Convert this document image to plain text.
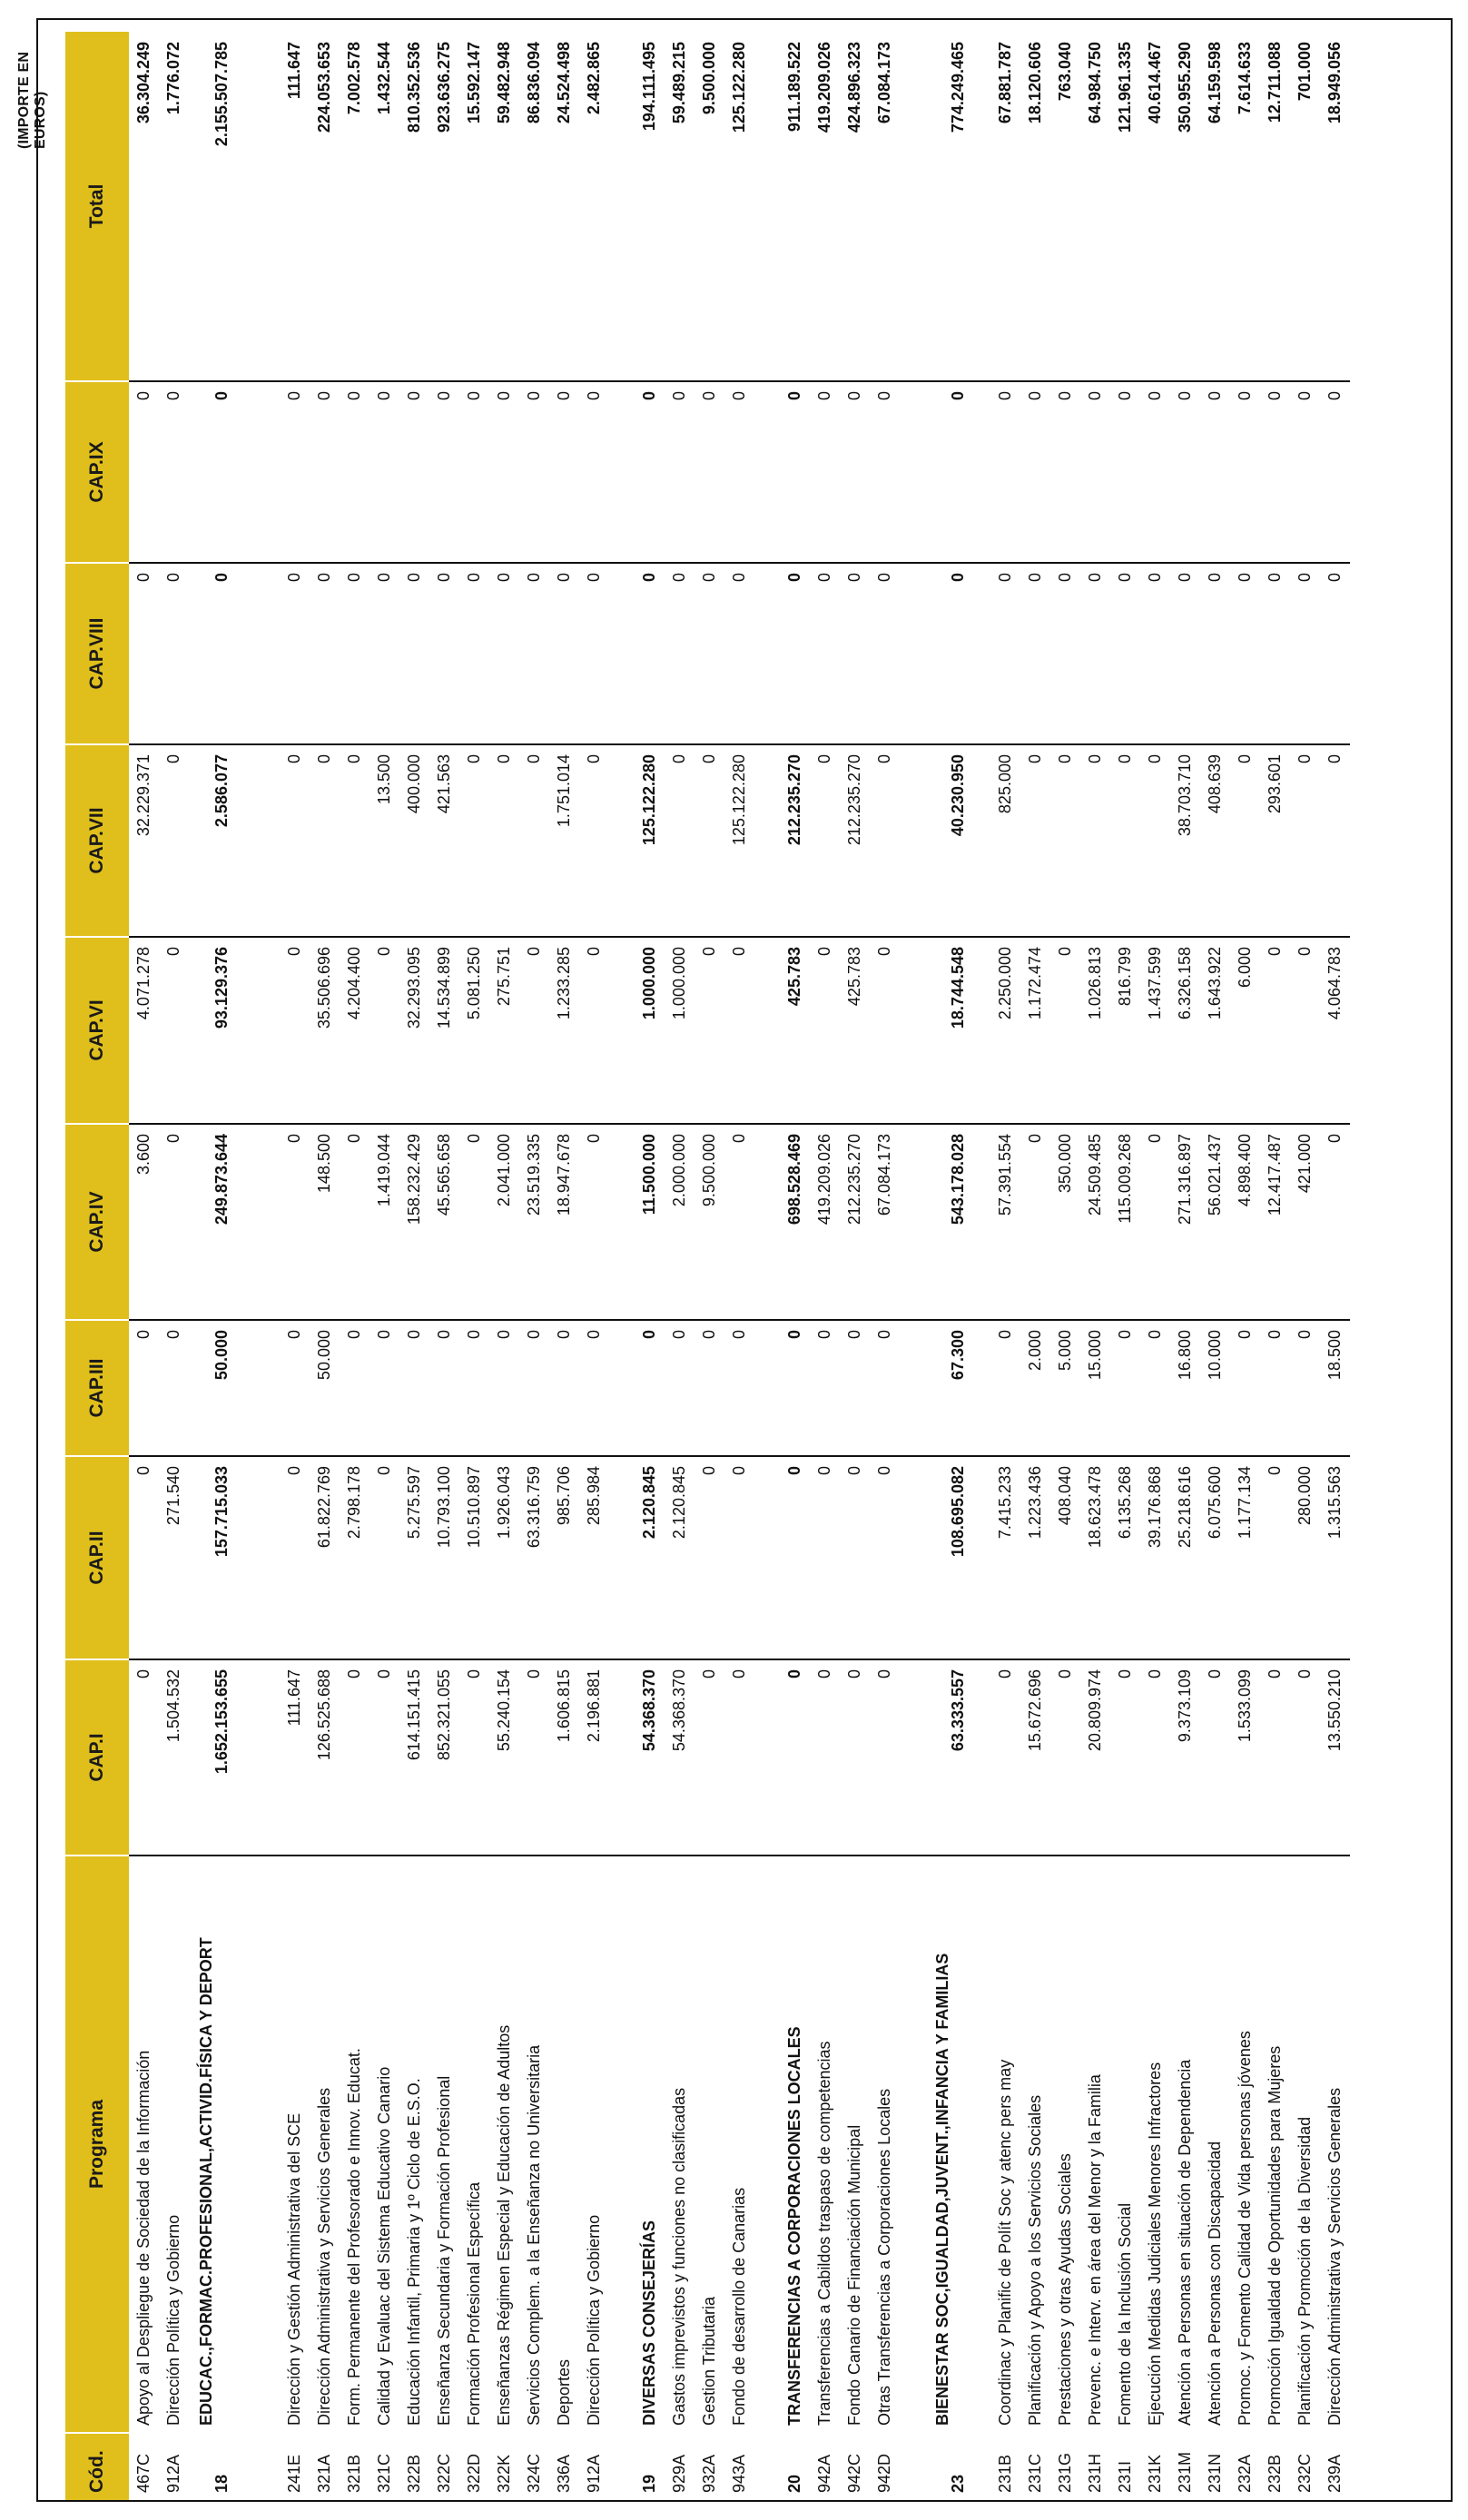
(IMPORTE EN EUROS)
Cód.	Programa	CAP.I	CAP.II	CAP.III	CAP.IV	CAP.VI	CAP.VII	CAP.VIII	CAP.IX	Total
467C	Apoyo al Despliegue de Sociedad de la Información	0	0	0	3.600	4.071.278	32.229.371	0	0	36.304.249
912A	Dirección Política y Gobierno	1.504.532	271.540	0	0	0	0	0	0	1.776.072
18	EDUCAC.,FORMAC.PROFESIONAL,ACTIVID.FÍSICA Y DEPORT	1.652.153.655	157.715.033	50.000	249.873.644	93.129.376	2.586.077	0	0	2.155.507.785

241E	Dirección y Gestión Administrativa del SCE	111.647	0	0	0	0	0	0	0	111.647
321A	Dirección Administrativa y Servicios Generales	126.525.688	61.822.769	50.000	148.500	35.506.696	0	0	0	224.053.653
321B	Form. Permanente del Profesorado e Innov. Educat.	0	2.798.178	0	0	4.204.400	0	0	0	7.002.578
321C	Calidad y Evaluac del Sistema Educativo Canario	0	0	0	1.419.044	0	13.500	0	0	1.432.544
322B	Educación Infantil, Primaria y 1º Ciclo de E.S.O.	614.151.415	5.275.597	0	158.232.429	32.293.095	400.000	0	0	810.352.536
322C	Enseñanza Secundaria y Formación Profesional	852.321.055	10.793.100	0	45.565.658	14.534.899	421.563	0	0	923.636.275
322D	Formación Profesional Específica	0	10.510.897	0	0	5.081.250	0	0	0	15.592.147
322K	Enseñanzas Régimen Especial y Educación de Adultos	55.240.154	1.926.043	0	2.041.000	275.751	0	0	0	59.482.948
324C	Servicios Complem. a la Enseñanza no Universitaria	0	63.316.759	0	23.519.335	0	0	0	0	86.836.094
336A	Deportes	1.606.815	985.706	0	18.947.678	1.233.285	1.751.014	0	0	24.524.498
912A	Dirección Política y Gobierno	2.196.881	285.984	0	0	0	0	0	0	2.482.865

19	DIVERSAS CONSEJERÍAS	54.368.370	2.120.845	0	11.500.000	1.000.000	125.122.280	0	0	194.111.495
929A	Gastos imprevistos y funciones no clasificadas	54.368.370	2.120.845	0	2.000.000	1.000.000	0	0	0	59.489.215
932A	Gestion Tributaria	0	0	0	9.500.000	0	0	0	0	9.500.000
943A	Fondo de desarrollo de Canarias	0	0	0	0	0	125.122.280	0	0	125.122.280

20	TRANSFERENCIAS A CORPORACIONES LOCALES	0	0	0	698.528.469	425.783	212.235.270	0	0	911.189.522
942A	Transferencias a Cabildos traspaso de competencias	0	0	0	419.209.026	0	0	0	0	419.209.026
942C	Fondo Canario de Financiación Municipal	0	0	0	212.235.270	425.783	212.235.270	0	0	424.896.323
942D	Otras Transferencias a Corporaciones Locales	0	0	0	67.084.173	0	0	0	0	67.084.173

23	BIENESTAR SOC,IGUALDAD,JUVENT.,INFANCIA Y FAMILIAS	63.333.557	108.695.082	67.300	543.178.028	18.744.548	40.230.950	0	0	774.249.465
231B	Coordinac y Planific de Polít Soc y atenc pers may	0	7.415.233	0	57.391.554	2.250.000	825.000	0	0	67.881.787
231C	Planificación y Apoyo a los Servicios Sociales	15.672.696	1.223.436	2.000	0	1.172.474	0	0	0	18.120.606
231G	Prestaciones y otras Ayudas Sociales	0	408.040	5.000	350.000	0	0	0	0	763.040
231H	Prevenc. e Interv. en área del Menor y la Familia	20.809.974	18.623.478	15.000	24.509.485	1.026.813	0	0	0	64.984.750
231I	Fomento de la Inclusión Social	0	6.135.268	0	115.009.268	816.799	0	0	0	121.961.335
231K	Ejecución Medidas Judiciales Menores Infractores	0	39.176.868	0	0	1.437.599	0	0	0	40.614.467
231M	Atención a Personas en situación de Dependencia	9.373.109	25.218.616	16.800	271.316.897	6.326.158	38.703.710	0	0	350.955.290
231N	Atención a Personas con Discapacidad	0	6.075.600	10.000	56.021.437	1.643.922	408.639	0	0	64.159.598
232A	Promoc. y Fomento Calidad de Vida personas jóvenes	1.533.099	1.177.134	0	4.898.400	6.000	0	0	0	7.614.633
232B	Promoción Igualdad de Oportunidades para Mujeres	0	0	0	12.417.487	0	293.601	0	0	12.711.088
232C	Planificación y Promoción de la Diversidad	0	280.000	0	421.000	0	0	0	0	701.000
239A	Dirección Administrativa y Servicios Generales	13.550.210	1.315.563	18.500	0	4.064.783	0	0	0	18.949.056
